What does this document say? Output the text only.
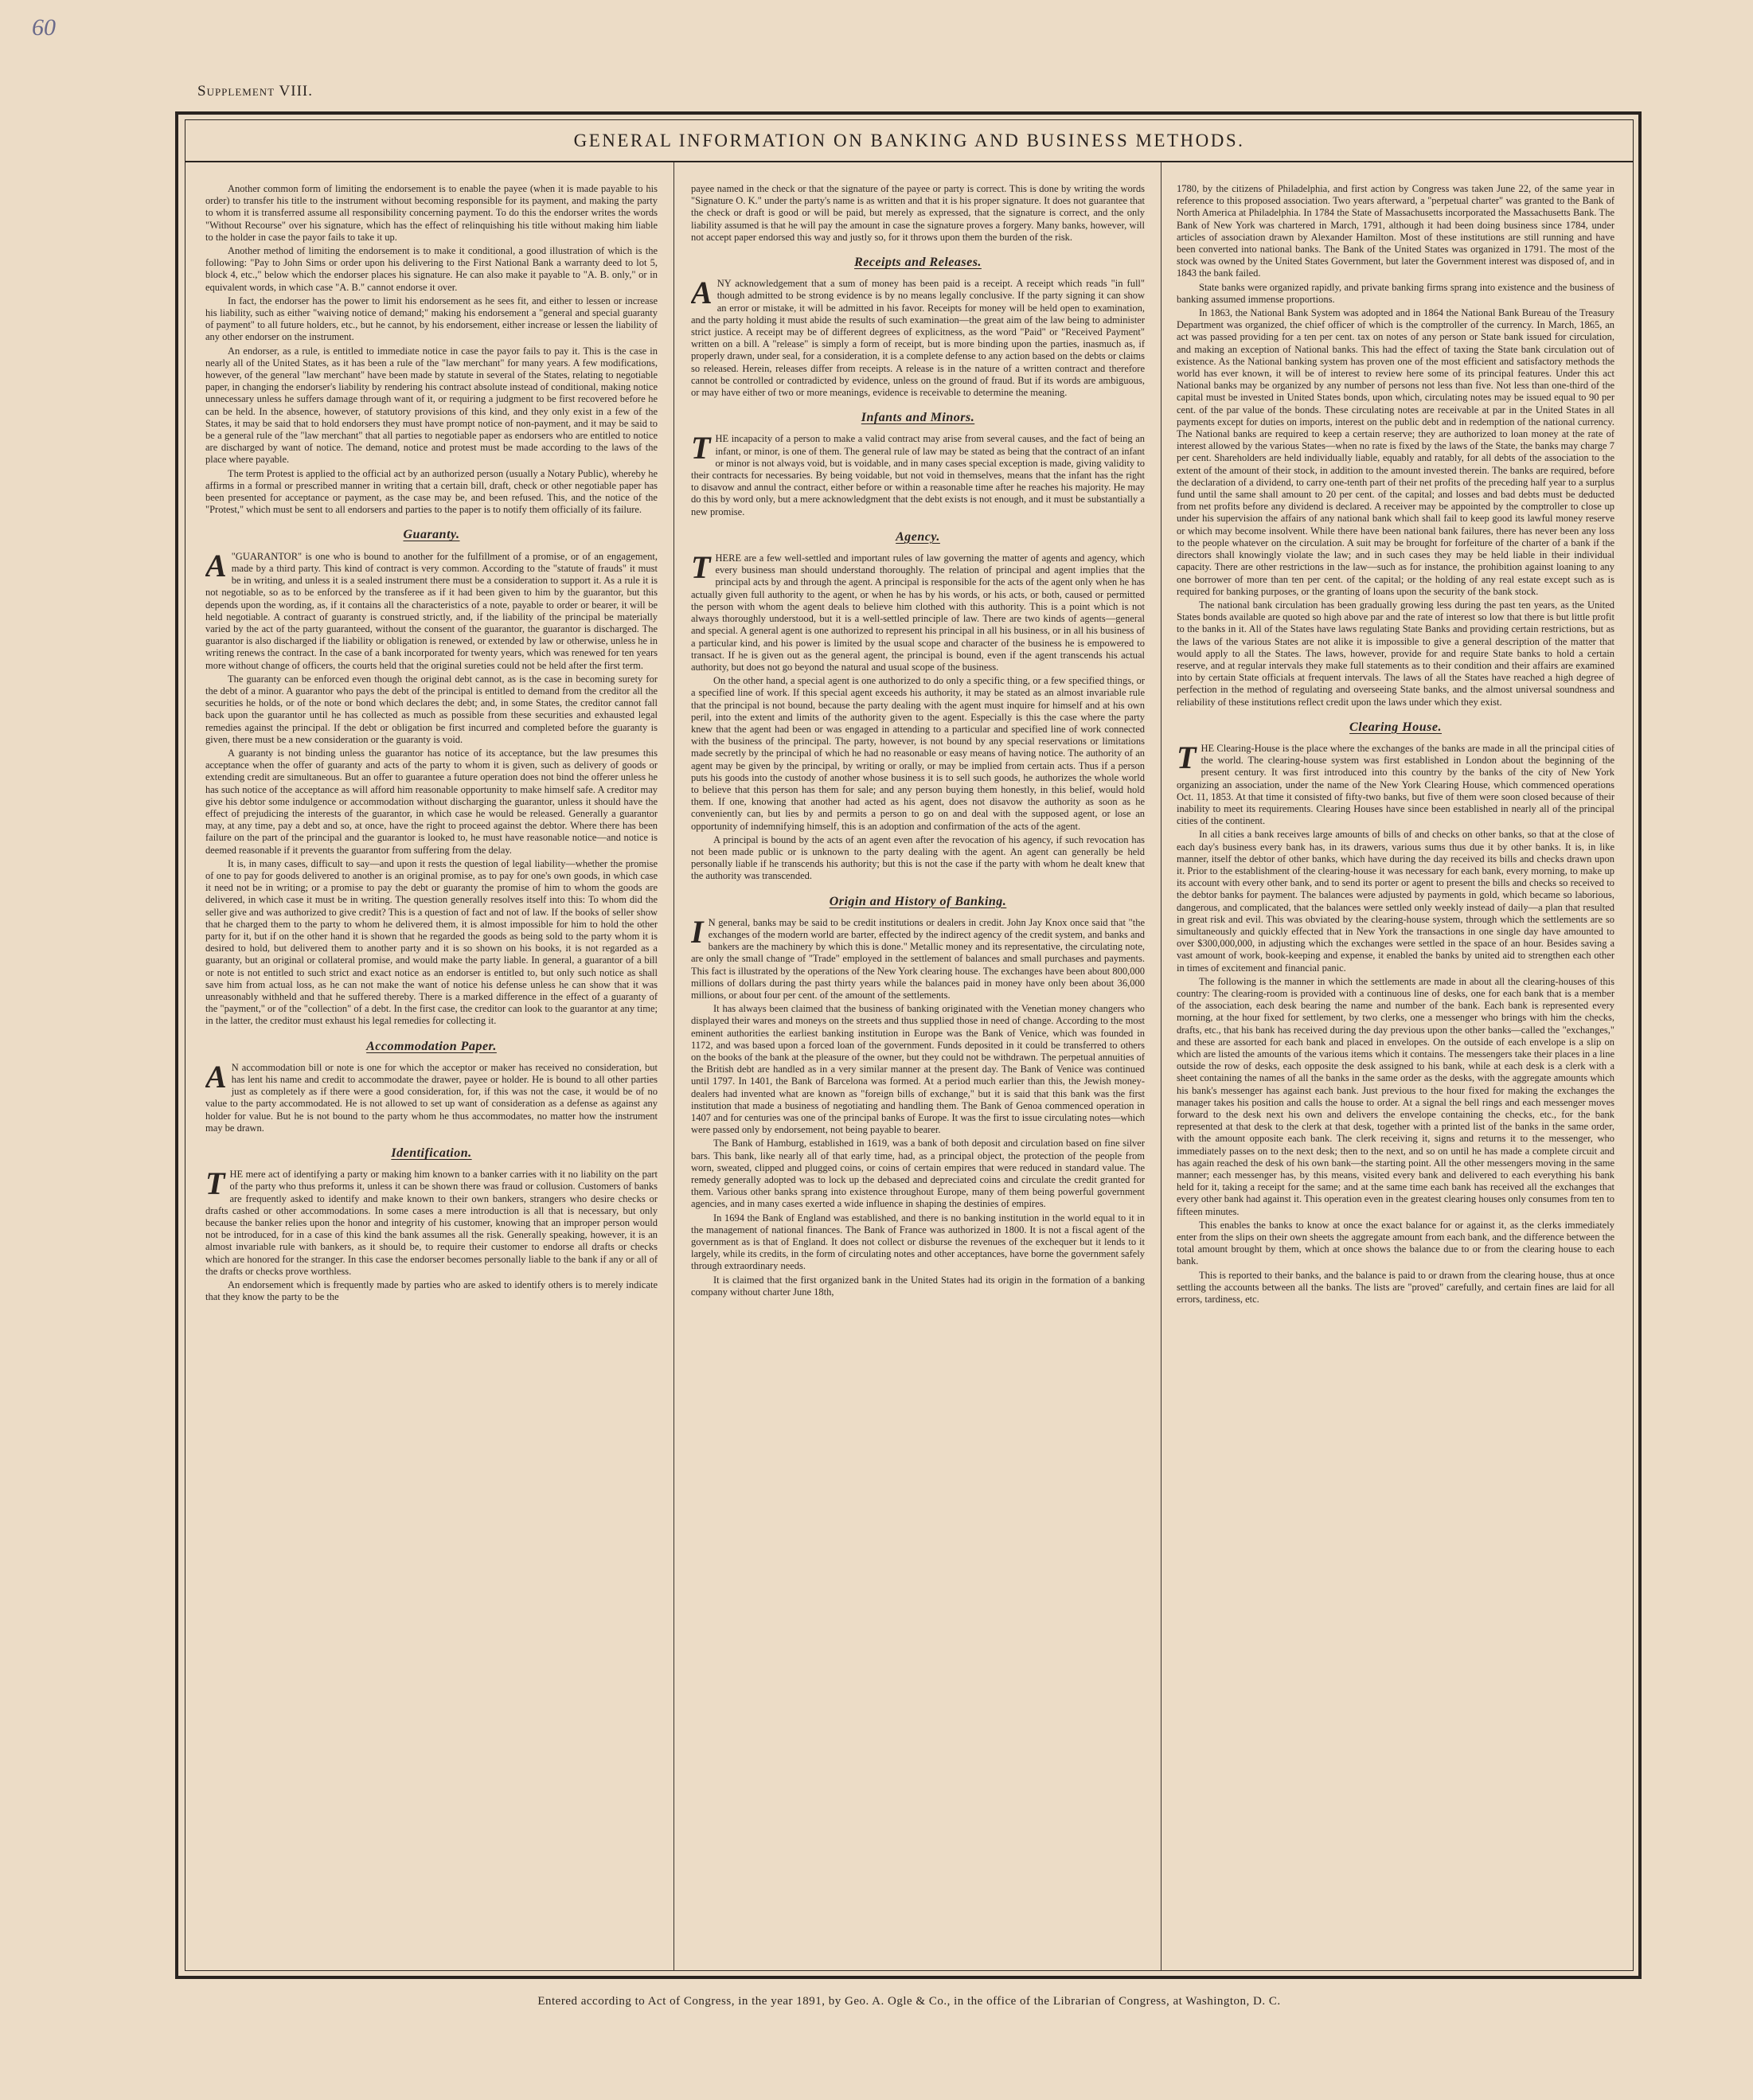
60
Supplement VIII.
GENERAL INFORMATION ON BANKING AND BUSINESS METHODS.

Another common form of limiting the endorsement is to enable the payee (when it is made payable to his order) to transfer his title to the instrument without becoming responsible for its payment, and making the party to whom it is transferred assume all responsibility concerning payment. To do this the endorser writes the words "Without Recourse" over his signature, which has the effect of relinquishing his title without making him liable to the holder in case the payor fails to take it up.

Another method of limiting the endorsement is to make it conditional, a good illustration of which is the following: "Pay to John Sims or order upon his delivering to the First National Bank a warranty deed to lot 5, block 4, etc.," below which the endorser places his signature. He can also make it payable to "A. B. only," or in equivalent words, in which case "A. B." cannot endorse it over.

In fact, the endorser has the power to limit his endorsement as he sees fit, and either to lessen or increase his liability, such as either "waiving notice of demand;" making his endorsement a "general and special guaranty of payment" to all future holders, etc., but he cannot, by his endorsement, either increase or lessen the liability of any other endorser on the instrument.

An endorser, as a rule, is entitled to immediate notice in case the payor fails to pay it. This is the case in nearly all of the United States, as it has been a rule of the "law merchant" for many years. A few modifications, however, of the general "law merchant" have been made by statute in several of the States, relating to negotiable paper, in changing the endorser's liability by rendering his contract absolute instead of conditional, making notice unnecessary unless he suffers damage through want of it, or requiring a judgment to be first recovered before he can be held. In the absence, however, of statutory provisions of this kind, and they only exist in a few of the States, it may be said that to hold endorsers they must have prompt notice of non-payment, and it may be said to be a general rule of the "law merchant" that all parties to negotiable paper as endorsers who are entitled to notice are discharged by want of notice. The demand, notice and protest must be made according to the laws of the place where payable.

The term Protest is applied to the official act by an authorized person (usually a Notary Public), whereby he affirms in a formal or prescribed manner in writing that a certain bill, draft, check or other negotiable paper has been presented for acceptance or payment, as the case may be, and been refused. This, and the notice of the "Protest," which must be sent to all endorsers and parties to the paper is to notify them officially of its failure.

Guaranty.

A "GUARANTOR" is one who is bound to another for the fulfillment of a promise, or of an engagement, made by a third party. This kind of contract is very common. According to the "statute of frauds" it must be in writing, and unless it is a sealed instrument there must be a consideration to support it. As a rule it is not negotiable, so as to be enforced by the transferee as if it had been given to him by the guarantor, but this depends upon the wording, as, if it contains all the characteristics of a note, payable to order or bearer, it will be held negotiable. A contract of guaranty is construed strictly, and, if the liability of the principal be materially varied by the act of the party guaranteed, without the consent of the guarantor, the guarantor is discharged. The guarantor is also discharged if the liability or obligation is renewed, or extended by law or otherwise, unless he in writing renews the contract. In the case of a bank incorporated for twenty years, which was renewed for ten years more without change of officers, the courts held that the original sureties could not be held after the first term.

The guaranty can be enforced even though the original debt cannot, as is the case in becoming surety for the debt of a minor. A guarantor who pays the debt of the principal is entitled to demand from the creditor all the securities he holds, or of the note or bond which declares the debt; and, in some States, the creditor cannot fall back upon the guarantor until he has collected as much as possible from these securities and exhausted legal remedies against the principal. If the debt or obligation be first incurred and completed before the guaranty is given, there must be a new consideration or the guaranty is void.

A guaranty is not binding unless the guarantor has notice of its acceptance, but the law presumes this acceptance when the offer of guaranty and acts of the party to whom it is given, such as delivery of goods or extending credit are simultaneous. But an offer to guarantee a future operation does not bind the offerer unless he has such notice of the acceptance as will afford him reasonable opportunity to make himself safe. A creditor may give his debtor some indulgence or accommodation without discharging the guarantor, unless it should have the effect of prejudicing the interests of the guarantor, in which case he would be released. Generally a guarantor may, at any time, pay a debt and so, at once, have the right to proceed against the debtor. Where there has been failure on the part of the principal and the guarantor is looked to, he must have reasonable notice—and notice is deemed reasonable if it prevents the guarantor from suffering from the delay.

It is, in many cases, difficult to say—and upon it rests the question of legal liability—whether the promise of one to pay for goods delivered to another is an original promise, as to pay for one's own goods, in which case it need not be in writing; or a promise to pay the debt or guaranty the promise of him to whom the goods are delivered, in which case it must be in writing. The question generally resolves itself into this: To whom did the seller give and was authorized to give credit? This is a question of fact and not of law. If the books of seller show that he charged them to the party to whom he delivered them, it is almost impossible for him to hold the other party for it, but if on the other hand it is shown that he regarded the goods as being sold to the party whom it is desired to hold, but delivered them to another party and it is so shown on his books, it is not regarded as a guaranty, but an original or collateral promise, and would make the party liable. In general, a guarantor of a bill or note is not entitled to such strict and exact notice as an endorser is entitled to, but only such notice as shall save him from actual loss, as he can not make the want of notice his defense unless he can show that it was unreasonably withheld and that he suffered thereby. There is a marked difference in the effect of a guaranty of the "payment," or of the "collection" of a debt. In the first case, the creditor can look to the guarantor at any time; in the latter, the creditor must exhaust his legal remedies for collecting it.

Accommodation Paper.

A N accommodation bill or note is one for which the acceptor or maker has received no consideration, but has lent his name and credit to accommodate the drawer, payee or holder. He is bound to all other parties just as completely as if there were a good consideration, for, if this was not the case, it would be of no value to the party accommodated. He is not allowed to set up want of consideration as a defense as against any holder for value. But he is not bound to the party whom he thus accommodates, no matter how the instrument may be drawn.

Identification.

THE mere act of identifying a party or making him known to a banker carries with it no liability on the part of the party who thus preforms it, unless it can be shown there was fraud or collusion. Customers of banks are frequently asked to identify and make known to their own bankers, strangers who desire checks or drafts cashed or other accommodations. In some cases a mere introduction is all that is necessary, but only because the banker relies upon the honor and integrity of his customer, knowing that an improper person would not be introduced, for in a case of this kind the bank assumes all the risk. Generally speaking, however, it is an almost invariable rule with bankers, as it should be, to require their customer to endorse all drafts or checks which are honored for the stranger. In this case the endorser becomes personally liable to the bank if any or all of the drafts or checks prove worthless.

An endorsement which is frequently made by parties who are asked to identify others is to merely indicate that they know the party to be the

payee named in the check or that the signature of the payee or party is correct. This is done by writing the words "Signature O. K." under the party's name is as written and that it is his proper signature. It does not guarantee that the check or draft is good or will be paid, but merely as expressed, that the signature is correct, and the only liability assumed is that he will pay the amount in case the signature proves a forgery. Many banks, however, will not accept paper endorsed this way and justly so, for it throws upon them the burden of the risk.

Receipts and Releases.

ANY acknowledgement that a sum of money has been paid is a receipt. A receipt which reads "in full" though admitted to be strong evidence is by no means legally conclusive. If the party signing it can show an error or mistake, it will be admitted in his favor. Receipts for money will be held open to examination, and the party holding it must abide the results of such examination—the great aim of the law being to administer strict justice. A receipt may be of different degrees of explicitness, as the word "Paid" or "Received Payment" written on a bill. A "release" is simply a form of receipt, but is more binding upon the parties, inasmuch as, if properly drawn, under seal, for a consideration, it is a complete defense to any action based on the debts or claims so released. Herein, releases differ from receipts. A release is in the nature of a written contract and therefore cannot be controlled or contradicted by evidence, unless on the ground of fraud. But if its words are ambiguous, or may have either of two or more meanings, evidence is receivable to determine the meaning.

Infants and Minors.

THE incapacity of a person to make a valid contract may arise from several causes, and the fact of being an infant, or minor, is one of them. The general rule of law may be stated as being that the contract of an infant or minor is not always void, but is voidable, and in many cases special exception is made, giving validity to their contracts for necessaries. By being voidable, but not void in themselves, means that the infant has the right to disavow and annul the contract, either before or within a reasonable time after he reaches his majority. He may do this by word only, but a mere acknowledgment that the debt exists is not enough, and it must be substantially a new promise.

Agency.

THERE are a few well-settled and important rules of law governing the matter of agents and agency, which every business man should understand thoroughly. The relation of principal and agent implies that the principal acts by and through the agent. A principal is responsible for the acts of the agent only when he has actually given full authority to the agent, or when he has by his words, or his acts, or both, caused or permitted the person with whom the agent deals to believe him clothed with this authority. This is a point which is not always thoroughly understood, but it is a well-settled principle of law. There are two kinds of agents—general and special. A general agent is one authorized to represent his principal in all his business, or in all his business of a particular kind, and his power is limited by the usual scope and character of the business he is empowered to transact. If he is given out as the general agent, the principal is bound, even if the agent transcends his actual authority, but does not go beyond the natural and usual scope of the business.

On the other hand, a special agent is one authorized to do only a specific thing, or a few specified things, or a specified line of work. If this special agent exceeds his authority, it may be stated as an almost invariable rule that the principal is not bound, because the party dealing with the agent must inquire for himself and at his own peril, into the extent and limits of the authority given to the agent. Especially is this the case where the party knew that the agent had been or was engaged in attending to a particular and specified line of work connected with the business of the principal. The party, however, is not bound by any special reservations or limitations made secretly by the principal of which he had no reasonable or easy means of having notice. The authority of an agent may be given by the principal, by writing or orally, or may be implied from certain acts. Thus if a person puts his goods into the custody of another whose business it is to sell such goods, he authorizes the whole world to believe that this person has them for sale; and any person buying them honestly, in this belief, would hold them. If one, knowing that another had acted as his agent, does not disavow the authority as soon as he conveniently can, but lies by and permits a person to go on and deal with the supposed agent, or lose an opportunity of indemnifying himself, this is an adoption and confirmation of the acts of the agent.

A principal is bound by the acts of an agent even after the revocation of his agency, if such revocation has not been made public or is unknown to the party dealing with the agent. An agent can generally be held personally liable if he transcends his authority; but this is not the case if the party with whom he dealt knew that the authority was transcended.

Origin and History of Banking.

I N general, banks may be said to be credit institutions or dealers in credit. John Jay Knox once said that "the exchanges of the modern world are barter, effected by the indirect agency of the credit system, and banks and bankers are the machinery by which this is done." Metallic money and its representative, the circulating note, are only the small change of "Trade" employed in the settlement of balances and small purchases and payments. This fact is illustrated by the operations of the New York clearing house. The exchanges have been about 800,000 millions of dollars during the past thirty years while the balances paid in money have only been about 36,000 millions, or about four per cent. of the amount of the settlements.

It has always been claimed that the business of banking originated with the Venetian money changers who displayed their wares and moneys on the streets and thus supplied those in need of change. According to the most eminent authorities the earliest banking institution in Europe was the Bank of Venice, which was founded in 1172, and was based upon a forced loan of the government. Funds deposited in it could be transferred to others on the books of the bank at the pleasure of the owner, but they could not be withdrawn. The perpetual annuities of the British debt are handled as in a very similar manner at the present day. The Bank of Venice was continued until 1797. In 1401, the Bank of Barcelona was formed. At a period much earlier than this, the Jewish money-dealers had invented what are known as "foreign bills of exchange," but it is said that this bank was the first institution that made a business of negotiating and handling them. The Bank of Genoa commenced operation in 1407 and for centuries was one of the principal banks of Europe. It was the first to issue circulating notes—which were passed only by endorsement, not being payable to bearer.

The Bank of Hamburg, established in 1619, was a bank of both deposit and circulation based on fine silver bars. This bank, like nearly all of that early time, had, as a principal object, the protection of the people from worn, sweated, clipped and plugged coins, or coins of certain empires that were reduced in standard value. The remedy generally adopted was to lock up the debased and depreciated coins and circulate the credit granted for them. Various other banks sprang into existence throughout Europe, many of them being powerful government agencies, and in many cases exerted a wide influence in shaping the destinies of empires.

In 1694 the Bank of England was established, and there is no banking institution in the world equal to it in the management of national finances. The Bank of France was authorized in 1800. It is not a fiscal agent of the government as is that of England. It does not collect or disburse the revenues of the exchequer but it lends to it largely, while its credits, in the form of circulating notes and other acceptances, have borne the government safely through extraordinary needs.

It is claimed that the first organized bank in the United States had its origin in the formation of a banking company without charter June 18th,

1780, by the citizens of Philadelphia, and first action by Congress was taken June 22, of the same year in reference to this proposed association. Two years afterward, a "perpetual charter" was granted to the Bank of North America at Philadelphia. In 1784 the State of Massachusetts incorporated the Massachusetts Bank. The Bank of New York was chartered in March, 1791, although it had been doing business since 1784, under articles of association drawn by Alexander Hamilton. Most of these institutions are still running and have been converted into national banks. The Bank of the United States was organized in 1791. The most of the stock was owned by the United States Government, but later the Government interest was disposed of, and in 1843 the bank failed.

State banks were organized rapidly, and private banking firms sprang into existence and the business of banking assumed immense proportions.

In 1863, the National Bank System was adopted and in 1864 the National Bank Bureau of the Treasury Department was organized, the chief officer of which is the comptroller of the currency. In March, 1865, an act was passed providing for a ten per cent. tax on notes of any person or State bank issued for circulation, and making an exception of National banks. This had the effect of taxing the State bank circulation out of existence. As the National banking system has proven one of the most efficient and satisfactory methods the world has ever known, it will be of interest to review here some of its principal features. Under this act National banks may be organized by any number of persons not less than five. Not less than one-third of the capital must be invested in United States bonds, upon which, circulating notes may be issued equal to 90 per cent. of the par value of the bonds. These circulating notes are receivable at par in the United States in all payments except for duties on imports, interest on the public debt and in redemption of the national currency. The National banks are required to keep a certain reserve; they are authorized to loan money at the rate of interest allowed by the various States—when no rate is fixed by the laws of the State, the banks may charge 7 per cent. Shareholders are held individually liable, equably and ratably, for all debts of the association to the extent of the amount of their stock, in addition to the amount invested therein. The banks are required, before the declaration of a dividend, to carry one-tenth part of their net profits of the preceding half year to a surplus fund until the same shall amount to 20 per cent. of the capital; and losses and bad debts must be deducted from net profits before any dividend is declared. A receiver may be appointed by the comptroller to close up under his supervision the affairs of any national bank which shall fail to keep good its lawful money reserve or which may become insolvent. While there have been national bank failures, there has never been any loss to the people whatever on the circulation. A suit may be brought for forfeiture of the charter of a bank if the directors shall knowingly violate the law; and in such cases they may be held liable in their individual capacity. There are other restrictions in the law—such as for instance, the prohibition against loaning to any one borrower of more than ten per cent. of the capital; or the holding of any real estate except such as is required for banking purposes, or the granting of loans upon the security of the bank stock.

The national bank circulation has been gradually growing less during the past ten years, as the United States bonds available are quoted so high above par and the rate of interest so low that there is but little profit to the banks in it. All of the States have laws regulating State Banks and providing certain restrictions, but as the laws of the various States are not alike it is impossible to give a general description of the matter that would apply to all the States. The laws, however, provide for and require State banks to hold a certain reserve, and at regular intervals they make full statements as to their condition and their affairs are examined into by certain State officials at frequent intervals. The laws of all the States have reached a high degree of perfection in the method of regulating and overseeing State banks, and the almost universal soundness and reliability of these institutions reflect credit upon the laws under which they exist.

Clearing House.

THE Clearing-House is the place where the exchanges of the banks are made in all the principal cities of the world. The clearing-house system was first established in London about the beginning of the present century. It was first introduced into this country by the banks of the city of New York organizing an association, under the name of the New York Clearing House, which commenced operations Oct. 11, 1853. At that time it consisted of fifty-two banks, but five of them were soon closed because of their inability to meet its requirements. Clearing Houses have since been established in nearly all of the principal cities of the continent.

In all cities a bank receives large amounts of bills of and checks on other banks, so that at the close of each day's business every bank has, in its drawers, various sums thus due it by other banks. It is, in like manner, itself the debtor of other banks, which have during the day received its bills and checks drawn upon it. Prior to the establishment of the clearing-house it was necessary for each bank, every morning, to make up its account with every other bank, and to send its porter or agent to present the bills and checks so received to the debtor banks for payment. The balances were adjusted by payments in gold, which became so laborious, dangerous, and complicated, that the balances were settled only weekly instead of daily—a plan that resulted in great risk and evil. This was obviated by the clearing-house system, through which the settlements are so simultaneously and quickly effected that in New York the transactions in one single day have amounted to over $300,000,000, in adjusting which the exchanges were settled in the space of an hour. Besides saving a vast amount of work, book-keeping and expense, it enabled the banks by united aid to strengthen each other in times of excitement and financial panic.

The following is the manner in which the settlements are made in about all the clearing-houses of this country: The clearing-room is provided with a continuous line of desks, one for each bank that is a member of the association, each desk bearing the name and number of the bank. Each bank is represented every morning, at the hour fixed for settlement, by two clerks, one a messenger who brings with him the checks, drafts, etc., that his bank has received during the day previous upon the other banks—called the "exchanges," and these are assorted for each bank and placed in envelopes. On the outside of each envelope is a slip on which are listed the amounts of the various items which it contains. The messengers take their places in a line outside the row of desks, each opposite the desk assigned to his bank, while at each desk is a clerk with a sheet containing the names of all the banks in the same order as the desks, with the aggregate amounts which his bank's messenger has against each bank. Just previous to the hour fixed for making the exchanges the manager takes his position and calls the house to order. At a signal the bell rings and each messenger moves forward to the desk next his own and delivers the envelope containing the checks, etc., for the bank represented at that desk to the clerk at that desk, together with a printed list of the banks in the same order, with the amount opposite each bank. The clerk receiving it, signs and returns it to the messenger, who immediately passes on to the next desk; then to the next, and so on until he has made a complete circuit and has again reached the desk of his own bank—the starting point. All the other messengers moving in the same manner; each messenger has, by this means, visited every bank and delivered to each everything his bank held for it, taking a receipt for the same; and at the same time each bank has received all the exchanges that every other bank had against it. This operation even in the greatest clearing houses only consumes from ten to fifteen minutes.

This enables the banks to know at once the exact balance for or against it, as the clerks immediately enter from the slips on their own sheets the aggregate amount from each bank, and the difference between the total amount brought by them, which at once shows the balance due to or from the clearing house to each bank.

This is reported to their banks, and the balance is paid to or drawn from the clearing house, thus at once settling the accounts between all the banks. The lists are "proved" carefully, and certain fines are laid for all errors, tardiness, etc.

Entered according to Act of Congress, in the year 1891, by Geo. A. Ogle & Co., in the office of the Librarian of Congress, at Washington, D. C.
